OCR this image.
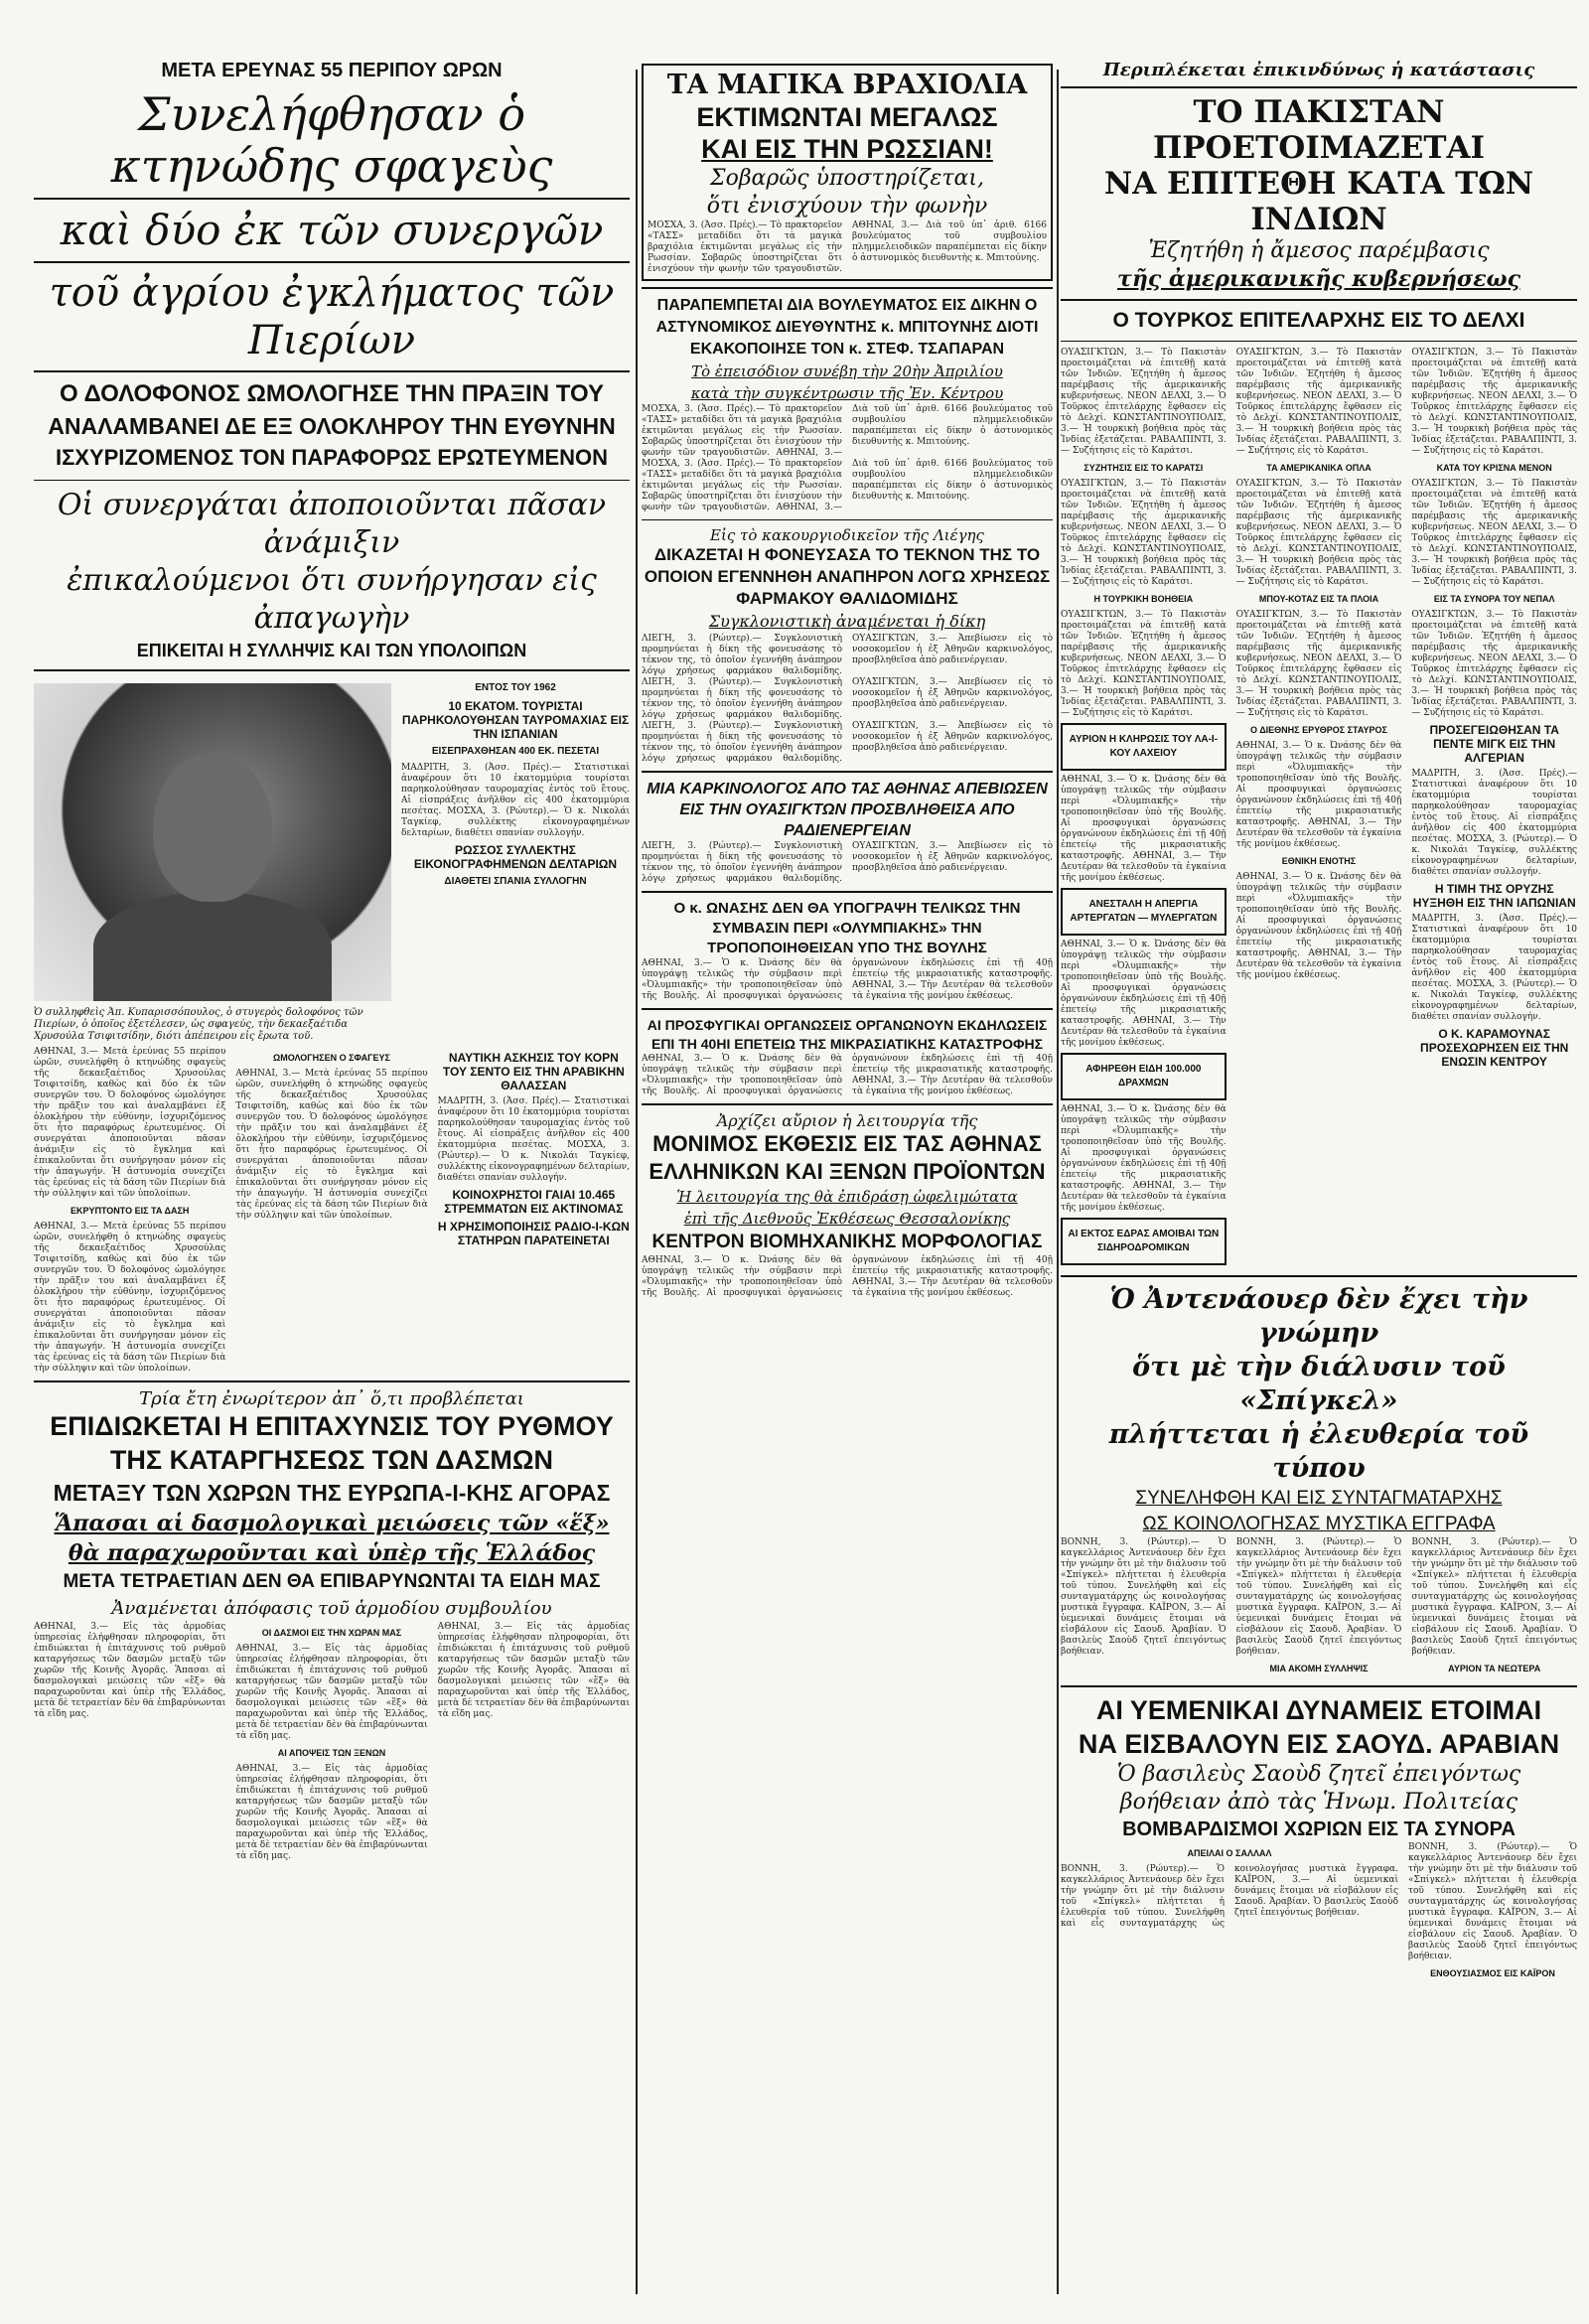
ΜΕΤΑ ΕΡΕΥΝΑΣ 55 ΠΕΡΙΠΟΥ ΩΡΩΝ
Συνελήφθησαν ὁ κτηνώδης σφαγεὺς
καὶ δύο ἐκ τῶν συνεργῶν
τοῦ ἀγρίου ἐγκλήματος τῶν Πιερίων
Ο ΔΟΛΟΦΟΝΟΣ ΩΜΟΛΟΓΗΣΕ ΤΗΝ ΠΡΑΞΙΝ ΤΟΥ
ΑΝΑΛΑΜΒΑΝΕΙ ΔΕ ΕΞ ΟΛΟΚΛΗΡΟΥ ΤΗΝ ΕΥΘΥΝΗΝ
ΙΣΧΥΡΙΖΟΜΕΝΟΣ ΤΟΝ ΠΑΡΑΦΟΡΩΣ ΕΡΩΤΕΥΜΕΝΟΝ
Οἱ συνεργάται ἀποποιοῦνται πᾶσαν ἀνάμιξιν
ἐπικαλούμενοι ὅτι συνήργησαν εἰς ἀπαγωγὴν
ΕΠΙΚΕΙΤΑΙ Η ΣΥΛΛΗΨΙΣ ΚΑΙ ΤΩΝ ΥΠΟΛΟΙΠΩΝ
ΕΝΤΟΣ ΤΟΥ 1962
10 ΕΚΑΤΟΜ. ΤΟΥΡΙΣΤΑΙ ΠΑΡΗΚΟΛΟΥΘΗΣΑΝ ΤΑΥΡΟΜΑΧΙΑΣ ΕΙΣ ΤΗΝ ΙΣΠΑΝΙΑΝ
ΕΙΣΕΠΡΑΧΘΗΣΑΝ 400 ΕΚ. ΠΕΣΕΤΑΙ
ΜΑΔΡΙΤΗ, 3. (Ἀσσ. Πρές).— Στατιστικαὶ ἀναφέρουν ὅτι 10 ἑκατομμύρια τουρίσται παρηκολούθησαν ταυρομαχίας ἐντὸς τοῦ ἔτους. Αἱ εἰσπράξεις ἀνῆλθον εἰς 400 ἑκατομμύρια πεσέτας. ΜΟΣΧΑ, 3. (Ρώυτερ).— Ὁ κ. Νικολάι Ταγκίεφ, συλλέκτης εἰκονογραφημένων δελταρίων, διαθέτει σπανίαν συλλογήν.
ΡΩΣΣΟΣ ΣΥΛΛΕΚΤΗΣ ΕΙΚΟΝΟΓΡΑΦΗΜΕΝΩΝ ΔΕΛΤΑΡΙΩΝ
ΔΙΑΘΕΤΕΙ ΣΠΑΝΙΑ ΣΥΛΛΟΓΗΝ
Ὁ συλληφθεὶς Ἀπ. Κυπαρισσόπουλος, ὁ στυγερὸς δολοφόνος τῶν Πιερίων, ὁ ὁποῖος ἐξετέλεσεν, ὡς σφαγεύς, τὴν δεκαεξαέτιδα Χρυσούλα Τσιφιτσίδην, διότι ἀπέπειρου εἰς ἔρωτα τοῦ.
ΑΘΗΝΑΙ, 3.— Μετὰ ἐρεύνας 55 περίπου ὡρῶν, συνελήφθη ὁ κτηνώδης σφαγεὺς τῆς δεκαεξαέτιδος Χρυσούλας Τσιφιτσίδη, καθὼς καὶ δύο ἐκ τῶν συνεργῶν του. Ὁ δολοφόνος ὡμολόγησε τὴν πρᾶξιν του καὶ ἀναλαμβάνει ἐξ ὁλοκλήρου τὴν εὐθύνην, ἰσχυριζόμενος ὅτι ἦτο παραφόρως ἐρωτευμένος. Οἱ συνεργάται ἀποποιοῦνται πᾶσαν ἀνάμιξιν εἰς τὸ ἔγκλημα καὶ ἐπικαλοῦνται ὅτι συνήργησαν μόνον εἰς τὴν ἀπαγωγήν. Ἡ ἀστυνομία συνεχίζει τὰς ἐρεύνας εἰς τὰ δάση τῶν Πιερίων διὰ τὴν σύλληψιν καὶ τῶν ὑπολοίπων.
ΕΚΡΥΠΤΟΝΤΟ ΕΙΣ ΤΑ ΔΑΣΗ
ΑΘΗΝΑΙ, 3.— Μετὰ ἐρεύνας 55 περίπου ὡρῶν, συνελήφθη ὁ κτηνώδης σφαγεὺς τῆς δεκαεξαέτιδος Χρυσούλας Τσιφιτσίδη, καθὼς καὶ δύο ἐκ τῶν συνεργῶν του. Ὁ δολοφόνος ὡμολόγησε τὴν πρᾶξιν του καὶ ἀναλαμβάνει ἐξ ὁλοκλήρου τὴν εὐθύνην, ἰσχυριζόμενος ὅτι ἦτο παραφόρως ἐρωτευμένος. Οἱ συνεργάται ἀποποιοῦνται πᾶσαν ἀνάμιξιν εἰς τὸ ἔγκλημα καὶ ἐπικαλοῦνται ὅτι συνήργησαν μόνον εἰς τὴν ἀπαγωγήν. Ἡ ἀστυνομία συνεχίζει τὰς ἐρεύνας εἰς τὰ δάση τῶν Πιερίων διὰ τὴν σύλληψιν καὶ τῶν ὑπολοίπων.
ΩΜΟΛΟΓΗΣΕΝ Ο ΣΦΑΓΕΥΣ
ΑΘΗΝΑΙ, 3.— Μετὰ ἐρεύνας 55 περίπου ὡρῶν, συνελήφθη ὁ κτηνώδης σφαγεὺς τῆς δεκαεξαέτιδος Χρυσούλας Τσιφιτσίδη, καθὼς καὶ δύο ἐκ τῶν συνεργῶν του. Ὁ δολοφόνος ὡμολόγησε τὴν πρᾶξιν του καὶ ἀναλαμβάνει ἐξ ὁλοκλήρου τὴν εὐθύνην, ἰσχυριζόμενος ὅτι ἦτο παραφόρως ἐρωτευμένος. Οἱ συνεργάται ἀποποιοῦνται πᾶσαν ἀνάμιξιν εἰς τὸ ἔγκλημα καὶ ἐπικαλοῦνται ὅτι συνήργησαν μόνον εἰς τὴν ἀπαγωγήν. Ἡ ἀστυνομία συνεχίζει τὰς ἐρεύνας εἰς τὰ δάση τῶν Πιερίων διὰ τὴν σύλληψιν καὶ τῶν ὑπολοίπων.
ΝΑΥΤΙΚΗ ΑΣΚΗΣΙΣ ΤΟΥ ΚΟΡΝ ΤΟΥ ΣΕΝΤΟ ΕΙΣ ΤΗΝ ΑΡΑΒΙΚΗΝ ΘΑΛΑΣΣΑΝ
ΜΑΔΡΙΤΗ, 3. (Ἀσσ. Πρές).— Στατιστικαὶ ἀναφέρουν ὅτι 10 ἑκατομμύρια τουρίσται παρηκολούθησαν ταυρομαχίας ἐντὸς τοῦ ἔτους. Αἱ εἰσπράξεις ἀνῆλθον εἰς 400 ἑκατομμύρια πεσέτας. ΜΟΣΧΑ, 3. (Ρώυτερ).— Ὁ κ. Νικολάι Ταγκίεφ, συλλέκτης εἰκονογραφημένων δελταρίων, διαθέτει σπανίαν συλλογήν.
ΚΟΙΝΟΧΡΗΣΤΟΙ ΓΑΙΑΙ 10.465 ΣΤΡΕΜΜΑΤΩΝ ΕΙΣ ΑΚΤΙΝΟΜΑΣ
Η ΧΡΗΣΙΜΟΠΟΙΗΣΙΣ ΡΑΔΙΟ-Ι-ΚΩΝ ΣΤΑΤΗΡΩΝ ΠΑΡΑΤΕΙΝΕΤΑΙ
Τρία ἔτη ἐνωρίτερον ἀπ᾿ ὅ,τι προβλέπεται
ΕΠΙΔΙΩΚΕΤΑΙ Η ΕΠΙΤΑΧΥΝΣΙΣ ΤΟΥ ΡΥΘΜΟΥ
ΤΗΣ ΚΑΤΑΡΓΗΣΕΩΣ ΤΩΝ ΔΑΣΜΩΝ
ΜΕΤΑΞΥ ΤΩΝ ΧΩΡΩΝ ΤΗΣ ΕΥΡΩΠΑ-Ι-ΚΗΣ ΑΓΟΡΑΣ
Ἅπασαι αἱ δασμολογικαὶ μειώσεις τῶν «ἕξ»
θὰ παραχωροῦνται καὶ ὑπὲρ τῆς Ἑλλάδος
ΜΕΤΑ ΤΕΤΡΑΕΤΙΑΝ ΔΕΝ ΘΑ ΕΠΙΒΑΡΥΝΩΝΤΑΙ ΤΑ ΕΙΔΗ ΜΑΣ
Ἀναμένεται ἀπόφασις τοῦ ἁρμοδίου συμβουλίου
ΑΘΗΝΑΙ, 3.— Εἰς τὰς ἁρμοδίας ὑπηρεσίας ἐλήφθησαν πληροφορίαι, ὅτι ἐπιδιώκεται ἡ ἐπιτάχυνσις τοῦ ρυθμοῦ καταργήσεως τῶν δασμῶν μεταξὺ τῶν χωρῶν τῆς Κοινῆς Ἀγορᾶς. Ἅπασαι αἱ δασμολογικαὶ μειώσεις τῶν «ἕξ» θὰ παραχωροῦνται καὶ ὑπὲρ τῆς Ἑλλάδος, μετὰ δὲ τετραετίαν δὲν θὰ ἐπιβαρύνωνται τὰ εἴδη μας.
ΟΙ ΔΑΣΜΟΙ ΕΙΣ ΤΗΝ ΧΩΡΑΝ ΜΑΣ
ΑΘΗΝΑΙ, 3.— Εἰς τὰς ἁρμοδίας ὑπηρεσίας ἐλήφθησαν πληροφορίαι, ὅτι ἐπιδιώκεται ἡ ἐπιτάχυνσις τοῦ ρυθμοῦ καταργήσεως τῶν δασμῶν μεταξὺ τῶν χωρῶν τῆς Κοινῆς Ἀγορᾶς. Ἅπασαι αἱ δασμολογικαὶ μειώσεις τῶν «ἕξ» θὰ παραχωροῦνται καὶ ὑπὲρ τῆς Ἑλλάδος, μετὰ δὲ τετραετίαν δὲν θὰ ἐπιβαρύνωνται τὰ εἴδη μας.
ΑΙ ΑΠΟΨΕΙΣ ΤΩΝ ΞΕΝΩΝ
ΑΘΗΝΑΙ, 3.— Εἰς τὰς ἁρμοδίας ὑπηρεσίας ἐλήφθησαν πληροφορίαι, ὅτι ἐπιδιώκεται ἡ ἐπιτάχυνσις τοῦ ρυθμοῦ καταργήσεως τῶν δασμῶν μεταξὺ τῶν χωρῶν τῆς Κοινῆς Ἀγορᾶς. Ἅπασαι αἱ δασμολογικαὶ μειώσεις τῶν «ἕξ» θὰ παραχωροῦνται καὶ ὑπὲρ τῆς Ἑλλάδος, μετὰ δὲ τετραετίαν δὲν θὰ ἐπιβαρύνωνται τὰ εἴδη μας.
ΑΘΗΝΑΙ, 3.— Εἰς τὰς ἁρμοδίας ὑπηρεσίας ἐλήφθησαν πληροφορίαι, ὅτι ἐπιδιώκεται ἡ ἐπιτάχυνσις τοῦ ρυθμοῦ καταργήσεως τῶν δασμῶν μεταξὺ τῶν χωρῶν τῆς Κοινῆς Ἀγορᾶς. Ἅπασαι αἱ δασμολογικαὶ μειώσεις τῶν «ἕξ» θὰ παραχωροῦνται καὶ ὑπὲρ τῆς Ἑλλάδος, μετὰ δὲ τετραετίαν δὲν θὰ ἐπιβαρύνωνται τὰ εἴδη μας.
ΤΑ ΜΑΓΙΚΑ ΒΡΑΧΙΟΛΙΑ
ΕΚΤΙΜΩΝΤΑΙ ΜΕΓΑΛΩΣ
ΚΑΙ ΕΙΣ ΤΗΝ ΡΩΣΣΙΑΝ!
Σοβαρῶς ὑποστηρίζεται,
ὅτι ἐνισχύουν τὴν φωνὴν
ΜΟΣΧΑ, 3. (Ἀσσ. Πρές).— Τὸ πρακτορεῖον «ΤΑΣΣ» μεταδίδει ὅτι τὰ μαγικὰ βραχιόλια ἐκτιμῶνται μεγάλως εἰς τὴν Ρωσσίαν. Σοβαρῶς ὑποστηρίζεται ὅτι ἐνισχύουν τὴν φωνὴν τῶν τραγουδιστῶν. ΑΘΗΝΑΙ, 3.— Διὰ τοῦ ὑπ᾿ ἀριθ. 6166 βουλεύματος τοῦ συμβουλίου πλημμελειοδικῶν παραπέμπεται εἰς δίκην ὁ ἀστυνομικὸς διευθυντὴς κ. Μπιτούνης.
ΠΑΡΑΠΕΜΠΕΤΑΙ ΔΙΑ ΒΟΥΛΕΥΜΑΤΟΣ ΕΙΣ ΔΙΚΗΝ Ο ΑΣΤΥΝΟΜΙΚΟΣ ΔΙΕΥΘΥΝΤΗΣ κ. ΜΠΙΤΟΥΝΗΣ ΔΙΟΤΙ ΕΚΑΚΟΠΟΙΗΣΕ ΤΟΝ κ. ΣΤΕΦ. ΤΣΑΠΑΡΑΝ
Τὸ ἐπεισόδιον συνέβη τὴν 20ὴν Ἀπριλίου
κατὰ τὴν συγκέντρωσιν τῆς Ἐν. Κέντρου
ΜΟΣΧΑ, 3. (Ἀσσ. Πρές).— Τὸ πρακτορεῖον «ΤΑΣΣ» μεταδίδει ὅτι τὰ μαγικὰ βραχιόλια ἐκτιμῶνται μεγάλως εἰς τὴν Ρωσσίαν. Σοβαρῶς ὑποστηρίζεται ὅτι ἐνισχύουν τὴν φωνὴν τῶν τραγουδιστῶν. ΑΘΗΝΑΙ, 3.— Διὰ τοῦ ὑπ᾿ ἀριθ. 6166 βουλεύματος τοῦ συμβουλίου πλημμελειοδικῶν παραπέμπεται εἰς δίκην ὁ ἀστυνομικὸς διευθυντὴς κ. Μπιτούνης.
ΜΟΣΧΑ, 3. (Ἀσσ. Πρές).— Τὸ πρακτορεῖον «ΤΑΣΣ» μεταδίδει ὅτι τὰ μαγικὰ βραχιόλια ἐκτιμῶνται μεγάλως εἰς τὴν Ρωσσίαν. Σοβαρῶς ὑποστηρίζεται ὅτι ἐνισχύουν τὴν φωνὴν τῶν τραγουδιστῶν. ΑΘΗΝΑΙ, 3.— Διὰ τοῦ ὑπ᾿ ἀριθ. 6166 βουλεύματος τοῦ συμβουλίου πλημμελειοδικῶν παραπέμπεται εἰς δίκην ὁ ἀστυνομικὸς διευθυντὴς κ. Μπιτούνης.
Εἰς τὸ κακουργιοδικεῖον τῆς Λιέγης
ΔΙΚΑΖΕΤΑΙ Η ΦΟΝΕΥΣΑΣΑ ΤΟ ΤΕΚΝΟΝ ΤΗΣ ΤΟ ΟΠΟΙΟΝ ΕΓΕΝΝΗΘΗ ΑΝΑΠΗΡΟΝ ΛΟΓΩ ΧΡΗΣΕΩΣ ΦΑΡΜΑΚΟΥ ΘΑΛΙΔΟΜΙΔΗΣ
Συγκλονιστικὴ ἀναμένεται ἡ δίκη
ΛΙΕΓΗ, 3. (Ρώυτερ).— Συγκλονιστικὴ προμηνύεται ἡ δίκη τῆς φονευσάσης τὸ τέκνον της, τὸ ὁποῖον ἐγεννήθη ἀνάπηρον λόγῳ χρήσεως φαρμάκου θαλιδομίδης. ΟΥΑΣΙΓΚΤΩΝ, 3.— Ἀπεβίωσεν εἰς τὸ νοσοκομεῖον ἡ ἐξ Ἀθηνῶν καρκινολόγος, προσβληθεῖσα ἀπὸ ραδιενέργειαν.
ΛΙΕΓΗ, 3. (Ρώυτερ).— Συγκλονιστικὴ προμηνύεται ἡ δίκη τῆς φονευσάσης τὸ τέκνον της, τὸ ὁποῖον ἐγεννήθη ἀνάπηρον λόγῳ χρήσεως φαρμάκου θαλιδομίδης. ΟΥΑΣΙΓΚΤΩΝ, 3.— Ἀπεβίωσεν εἰς τὸ νοσοκομεῖον ἡ ἐξ Ἀθηνῶν καρκινολόγος, προσβληθεῖσα ἀπὸ ραδιενέργειαν.
ΛΙΕΓΗ, 3. (Ρώυτερ).— Συγκλονιστικὴ προμηνύεται ἡ δίκη τῆς φονευσάσης τὸ τέκνον της, τὸ ὁποῖον ἐγεννήθη ἀνάπηρον λόγῳ χρήσεως φαρμάκου θαλιδομίδης. ΟΥΑΣΙΓΚΤΩΝ, 3.— Ἀπεβίωσεν εἰς τὸ νοσοκομεῖον ἡ ἐξ Ἀθηνῶν καρκινολόγος, προσβληθεῖσα ἀπὸ ραδιενέργειαν.
ΜΙΑ ΚΑΡΚΙΝΟΛΟΓΟΣ ΑΠΟ ΤΑΣ ΑΘΗΝΑΣ ΑΠΕΒΙΩΣΕΝ ΕΙΣ ΤΗΝ ΟΥΑΣΙΓΚΤΩΝ ΠΡΟΣΒΛΗΘΕΙΣΑ ΑΠΟ ΡΑΔΙΕΝΕΡΓΕΙΑΝ
ΛΙΕΓΗ, 3. (Ρώυτερ).— Συγκλονιστικὴ προμηνύεται ἡ δίκη τῆς φονευσάσης τὸ τέκνον της, τὸ ὁποῖον ἐγεννήθη ἀνάπηρον λόγῳ χρήσεως φαρμάκου θαλιδομίδης. ΟΥΑΣΙΓΚΤΩΝ, 3.— Ἀπεβίωσεν εἰς τὸ νοσοκομεῖον ἡ ἐξ Ἀθηνῶν καρκινολόγος, προσβληθεῖσα ἀπὸ ραδιενέργειαν.
Ο κ. ΩΝΑΣΗΣ ΔΕΝ ΘΑ ΥΠΟΓΡΑΨΗ ΤΕΛΙΚΩΣ ΤΗΝ ΣΥΜΒΑΣΙΝ ΠΕΡΙ «ΟΛΥΜΠΙΑΚΗΣ» ΤΗΝ ΤΡΟΠΟΠΟΙΗΘΕΙΣΑΝ ΥΠΟ ΤΗΣ ΒΟΥΛΗΣ
ΑΘΗΝΑΙ, 3.— Ὁ κ. Ὠνάσης δὲν θὰ ὑπογράψῃ τελικῶς τὴν σύμβασιν περὶ «Ὀλυμπιακῆς» τὴν τροποποιηθεῖσαν ὑπὸ τῆς Βουλῆς. Αἱ προσφυγικαὶ ὀργανώσεις ὀργανώνουν ἐκδηλώσεις ἐπὶ τῇ 40ῇ ἐπετείῳ τῆς μικρασιατικῆς καταστροφῆς. ΑΘΗΝΑΙ, 3.— Τὴν Δευτέραν θὰ τελεσθοῦν τὰ ἐγκαίνια τῆς μονίμου ἐκθέσεως.
ΑΙ ΠΡΟΣΦΥΓΙΚΑΙ ΟΡΓΑΝΩΣΕΙΣ ΟΡΓΑΝΩΝΟΥΝ ΕΚΔΗΛΩΣΕΙΣ ΕΠΙ ΤΗ 40ΗΙ ΕΠΕΤΕΙΩ ΤΗΣ ΜΙΚΡΑΣΙΑΤΙΚΗΣ ΚΑΤΑΣΤΡΟΦΗΣ
ΑΘΗΝΑΙ, 3.— Ὁ κ. Ὠνάσης δὲν θὰ ὑπογράψῃ τελικῶς τὴν σύμβασιν περὶ «Ὀλυμπιακῆς» τὴν τροποποιηθεῖσαν ὑπὸ τῆς Βουλῆς. Αἱ προσφυγικαὶ ὀργανώσεις ὀργανώνουν ἐκδηλώσεις ἐπὶ τῇ 40ῇ ἐπετείῳ τῆς μικρασιατικῆς καταστροφῆς. ΑΘΗΝΑΙ, 3.— Τὴν Δευτέραν θὰ τελεσθοῦν τὰ ἐγκαίνια τῆς μονίμου ἐκθέσεως.
Ἀρχίζει αὔριον ἡ λειτουργία τῆς
ΜΟΝΙΜΟΣ ΕΚΘΕΣΙΣ ΕΙΣ ΤΑΣ ΑΘΗΝΑΣ
ΕΛΛΗΝΙΚΩΝ ΚΑΙ ΞΕΝΩΝ ΠΡΟΪΟΝΤΩΝ
Ἡ λειτουργία της θὰ ἐπιδράσῃ ὠφελιμώτατα
ἐπὶ τῆς Διεθνοῦς Ἐκθέσεως Θεσσαλονίκης
ΚΕΝΤΡΟΝ ΒΙΟΜΗΧΑΝΙΚΗΣ ΜΟΡΦΟΛΟΓΙΑΣ
ΑΘΗΝΑΙ, 3.— Ὁ κ. Ὠνάσης δὲν θὰ ὑπογράψῃ τελικῶς τὴν σύμβασιν περὶ «Ὀλυμπιακῆς» τὴν τροποποιηθεῖσαν ὑπὸ τῆς Βουλῆς. Αἱ προσφυγικαὶ ὀργανώσεις ὀργανώνουν ἐκδηλώσεις ἐπὶ τῇ 40ῇ ἐπετείῳ τῆς μικρασιατικῆς καταστροφῆς. ΑΘΗΝΑΙ, 3.— Τὴν Δευτέραν θὰ τελεσθοῦν τὰ ἐγκαίνια τῆς μονίμου ἐκθέσεως.
Περιπλέκεται ἐπικινδύνως ἡ κατάστασις
ΤΟ ΠΑΚΙΣΤΑΝ ΠΡΟΕΤΟΙΜΑΖΕΤΑΙ
ΝΑ ΕΠΙΤΕΘΗ ΚΑΤΑ ΤΩΝ ΙΝΔΙΩΝ
Ἐζητήθη ἡ ἄμεσος παρέμβασις
τῆς ἀμερικανικῆς κυβερνήσεως
Ο ΤΟΥΡΚΟΣ ΕΠΙΤΕΛΑΡΧΗΣ ΕΙΣ ΤΟ ΔΕΛΧΙ
ΟΥΑΣΙΓΚΤΩΝ, 3.— Τὸ Πακιστὰν προετοιμάζεται νὰ ἐπιτεθῇ κατὰ τῶν Ἰνδιῶν. Ἐζητήθη ἡ ἄμεσος παρέμβασις τῆς ἀμερικανικῆς κυβερνήσεως. ΝΕΟΝ ΔΕΛΧΙ, 3.— Ὁ Τοῦρκος ἐπιτελάρχης ἔφθασεν εἰς τὸ Δελχί. ΚΩΝΣΤΑΝΤΙΝΟΥΠΟΛΙΣ, 3.— Ἡ τουρκικὴ βοήθεια πρὸς τὰς Ἰνδίας ἐξετάζεται. ΡΑΒΑΛΠΙΝΤΙ, 3.— Συζήτησις εἰς τὸ Καράτσι.
ΣΥΖΗΤΗΣΙΣ ΕΙΣ ΤΟ ΚΑΡΑΤΣΙ
ΟΥΑΣΙΓΚΤΩΝ, 3.— Τὸ Πακιστὰν προετοιμάζεται νὰ ἐπιτεθῇ κατὰ τῶν Ἰνδιῶν. Ἐζητήθη ἡ ἄμεσος παρέμβασις τῆς ἀμερικανικῆς κυβερνήσεως. ΝΕΟΝ ΔΕΛΧΙ, 3.— Ὁ Τοῦρκος ἐπιτελάρχης ἔφθασεν εἰς τὸ Δελχί. ΚΩΝΣΤΑΝΤΙΝΟΥΠΟΛΙΣ, 3.— Ἡ τουρκικὴ βοήθεια πρὸς τὰς Ἰνδίας ἐξετάζεται. ΡΑΒΑΛΠΙΝΤΙ, 3.— Συζήτησις εἰς τὸ Καράτσι.
Η ΤΟΥΡΚΙΚΗ ΒΟΗΘΕΙΑ
ΟΥΑΣΙΓΚΤΩΝ, 3.— Τὸ Πακιστὰν προετοιμάζεται νὰ ἐπιτεθῇ κατὰ τῶν Ἰνδιῶν. Ἐζητήθη ἡ ἄμεσος παρέμβασις τῆς ἀμερικανικῆς κυβερνήσεως. ΝΕΟΝ ΔΕΛΧΙ, 3.— Ὁ Τοῦρκος ἐπιτελάρχης ἔφθασεν εἰς τὸ Δελχί. ΚΩΝΣΤΑΝΤΙΝΟΥΠΟΛΙΣ, 3.— Ἡ τουρκικὴ βοήθεια πρὸς τὰς Ἰνδίας ἐξετάζεται. ΡΑΒΑΛΠΙΝΤΙ, 3.— Συζήτησις εἰς τὸ Καράτσι.
ΑΥΡΙΟΝ Η ΚΛΗΡΩΣΙΣ ΤΟΥ ΛΑ-Ι-ΚΟΥ ΛΑΧΕΙΟΥ
ΑΘΗΝΑΙ, 3.— Ὁ κ. Ὠνάσης δὲν θὰ ὑπογράψῃ τελικῶς τὴν σύμβασιν περὶ «Ὀλυμπιακῆς» τὴν τροποποιηθεῖσαν ὑπὸ τῆς Βουλῆς. Αἱ προσφυγικαὶ ὀργανώσεις ὀργανώνουν ἐκδηλώσεις ἐπὶ τῇ 40ῇ ἐπετείῳ τῆς μικρασιατικῆς καταστροφῆς. ΑΘΗΝΑΙ, 3.— Τὴν Δευτέραν θὰ τελεσθοῦν τὰ ἐγκαίνια τῆς μονίμου ἐκθέσεως.
ΑΝΕΣΤΑΛΗ Η ΑΠΕΡΓΙΑ ΑΡΤΕΡΓΑΤΩΝ — ΜΥΛΕΡΓΑΤΩΝ
ΑΘΗΝΑΙ, 3.— Ὁ κ. Ὠνάσης δὲν θὰ ὑπογράψῃ τελικῶς τὴν σύμβασιν περὶ «Ὀλυμπιακῆς» τὴν τροποποιηθεῖσαν ὑπὸ τῆς Βουλῆς. Αἱ προσφυγικαὶ ὀργανώσεις ὀργανώνουν ἐκδηλώσεις ἐπὶ τῇ 40ῇ ἐπετείῳ τῆς μικρασιατικῆς καταστροφῆς. ΑΘΗΝΑΙ, 3.— Τὴν Δευτέραν θὰ τελεσθοῦν τὰ ἐγκαίνια τῆς μονίμου ἐκθέσεως.
ΑΦΗΡΕΘΗ ΕΙΔΗ 100.000 ΔΡΑΧΜΩΝ
ΑΘΗΝΑΙ, 3.— Ὁ κ. Ὠνάσης δὲν θὰ ὑπογράψῃ τελικῶς τὴν σύμβασιν περὶ «Ὀλυμπιακῆς» τὴν τροποποιηθεῖσαν ὑπὸ τῆς Βουλῆς. Αἱ προσφυγικαὶ ὀργανώσεις ὀργανώνουν ἐκδηλώσεις ἐπὶ τῇ 40ῇ ἐπετείῳ τῆς μικρασιατικῆς καταστροφῆς. ΑΘΗΝΑΙ, 3.— Τὴν Δευτέραν θὰ τελεσθοῦν τὰ ἐγκαίνια τῆς μονίμου ἐκθέσεως.
ΑΙ ΕΚΤΟΣ ΕΔΡΑΣ ΑΜΟΙΒΑΙ ΤΩΝ ΣΙΔΗΡΟΔΡΟΜΙΚΩΝ
ΟΥΑΣΙΓΚΤΩΝ, 3.— Τὸ Πακιστὰν προετοιμάζεται νὰ ἐπιτεθῇ κατὰ τῶν Ἰνδιῶν. Ἐζητήθη ἡ ἄμεσος παρέμβασις τῆς ἀμερικανικῆς κυβερνήσεως. ΝΕΟΝ ΔΕΛΧΙ, 3.— Ὁ Τοῦρκος ἐπιτελάρχης ἔφθασεν εἰς τὸ Δελχί. ΚΩΝΣΤΑΝΤΙΝΟΥΠΟΛΙΣ, 3.— Ἡ τουρκικὴ βοήθεια πρὸς τὰς Ἰνδίας ἐξετάζεται. ΡΑΒΑΛΠΙΝΤΙ, 3.— Συζήτησις εἰς τὸ Καράτσι.
ΤΑ ΑΜΕΡΙΚΑΝΙΚΑ ΟΠΛΑ
ΟΥΑΣΙΓΚΤΩΝ, 3.— Τὸ Πακιστὰν προετοιμάζεται νὰ ἐπιτεθῇ κατὰ τῶν Ἰνδιῶν. Ἐζητήθη ἡ ἄμεσος παρέμβασις τῆς ἀμερικανικῆς κυβερνήσεως. ΝΕΟΝ ΔΕΛΧΙ, 3.— Ὁ Τοῦρκος ἐπιτελάρχης ἔφθασεν εἰς τὸ Δελχί. ΚΩΝΣΤΑΝΤΙΝΟΥΠΟΛΙΣ, 3.— Ἡ τουρκικὴ βοήθεια πρὸς τὰς Ἰνδίας ἐξετάζεται. ΡΑΒΑΛΠΙΝΤΙ, 3.— Συζήτησις εἰς τὸ Καράτσι.
ΜΠΟΥ-ΚΟΤΑΖ ΕΙΣ ΤΑ ΠΛΟΙΑ
ΟΥΑΣΙΓΚΤΩΝ, 3.— Τὸ Πακιστὰν προετοιμάζεται νὰ ἐπιτεθῇ κατὰ τῶν Ἰνδιῶν. Ἐζητήθη ἡ ἄμεσος παρέμβασις τῆς ἀμερικανικῆς κυβερνήσεως. ΝΕΟΝ ΔΕΛΧΙ, 3.— Ὁ Τοῦρκος ἐπιτελάρχης ἔφθασεν εἰς τὸ Δελχί. ΚΩΝΣΤΑΝΤΙΝΟΥΠΟΛΙΣ, 3.— Ἡ τουρκικὴ βοήθεια πρὸς τὰς Ἰνδίας ἐξετάζεται. ΡΑΒΑΛΠΙΝΤΙ, 3.— Συζήτησις εἰς τὸ Καράτσι.
Ο ΔΙΕΘΝΗΣ ΕΡΥΘΡΟΣ ΣΤΑΥΡΟΣ
ΑΘΗΝΑΙ, 3.— Ὁ κ. Ὠνάσης δὲν θὰ ὑπογράψῃ τελικῶς τὴν σύμβασιν περὶ «Ὀλυμπιακῆς» τὴν τροποποιηθεῖσαν ὑπὸ τῆς Βουλῆς. Αἱ προσφυγικαὶ ὀργανώσεις ὀργανώνουν ἐκδηλώσεις ἐπὶ τῇ 40ῇ ἐπετείῳ τῆς μικρασιατικῆς καταστροφῆς. ΑΘΗΝΑΙ, 3.— Τὴν Δευτέραν θὰ τελεσθοῦν τὰ ἐγκαίνια τῆς μονίμου ἐκθέσεως.
ΕΘΝΙΚΗ ΕΝΟΤΗΣ
ΑΘΗΝΑΙ, 3.— Ὁ κ. Ὠνάσης δὲν θὰ ὑπογράψῃ τελικῶς τὴν σύμβασιν περὶ «Ὀλυμπιακῆς» τὴν τροποποιηθεῖσαν ὑπὸ τῆς Βουλῆς. Αἱ προσφυγικαὶ ὀργανώσεις ὀργανώνουν ἐκδηλώσεις ἐπὶ τῇ 40ῇ ἐπετείῳ τῆς μικρασιατικῆς καταστροφῆς. ΑΘΗΝΑΙ, 3.— Τὴν Δευτέραν θὰ τελεσθοῦν τὰ ἐγκαίνια τῆς μονίμου ἐκθέσεως.
ΟΥΑΣΙΓΚΤΩΝ, 3.— Τὸ Πακιστὰν προετοιμάζεται νὰ ἐπιτεθῇ κατὰ τῶν Ἰνδιῶν. Ἐζητήθη ἡ ἄμεσος παρέμβασις τῆς ἀμερικανικῆς κυβερνήσεως. ΝΕΟΝ ΔΕΛΧΙ, 3.— Ὁ Τοῦρκος ἐπιτελάρχης ἔφθασεν εἰς τὸ Δελχί. ΚΩΝΣΤΑΝΤΙΝΟΥΠΟΛΙΣ, 3.— Ἡ τουρκικὴ βοήθεια πρὸς τὰς Ἰνδίας ἐξετάζεται. ΡΑΒΑΛΠΙΝΤΙ, 3.— Συζήτησις εἰς τὸ Καράτσι.
ΚΑΤΑ ΤΟΥ ΚΡΙΣΝΑ ΜΕΝΟΝ
ΟΥΑΣΙΓΚΤΩΝ, 3.— Τὸ Πακιστὰν προετοιμάζεται νὰ ἐπιτεθῇ κατὰ τῶν Ἰνδιῶν. Ἐζητήθη ἡ ἄμεσος παρέμβασις τῆς ἀμερικανικῆς κυβερνήσεως. ΝΕΟΝ ΔΕΛΧΙ, 3.— Ὁ Τοῦρκος ἐπιτελάρχης ἔφθασεν εἰς τὸ Δελχί. ΚΩΝΣΤΑΝΤΙΝΟΥΠΟΛΙΣ, 3.— Ἡ τουρκικὴ βοήθεια πρὸς τὰς Ἰνδίας ἐξετάζεται. ΡΑΒΑΛΠΙΝΤΙ, 3.— Συζήτησις εἰς τὸ Καράτσι.
ΕΙΣ ΤΑ ΣΥΝΟΡΑ ΤΟΥ ΝΕΠΑΛ
ΟΥΑΣΙΓΚΤΩΝ, 3.— Τὸ Πακιστὰν προετοιμάζεται νὰ ἐπιτεθῇ κατὰ τῶν Ἰνδιῶν. Ἐζητήθη ἡ ἄμεσος παρέμβασις τῆς ἀμερικανικῆς κυβερνήσεως. ΝΕΟΝ ΔΕΛΧΙ, 3.— Ὁ Τοῦρκος ἐπιτελάρχης ἔφθασεν εἰς τὸ Δελχί. ΚΩΝΣΤΑΝΤΙΝΟΥΠΟΛΙΣ, 3.— Ἡ τουρκικὴ βοήθεια πρὸς τὰς Ἰνδίας ἐξετάζεται. ΡΑΒΑΛΠΙΝΤΙ, 3.— Συζήτησις εἰς τὸ Καράτσι.
ΠΡΟΣΕΓΕΙΩΘΗΣΑΝ ΤΑ ΠΕΝΤΕ ΜΙΓΚ ΕΙΣ ΤΗΝ ΑΛΓΕΡΙΑΝ
ΜΑΔΡΙΤΗ, 3. (Ἀσσ. Πρές).— Στατιστικαὶ ἀναφέρουν ὅτι 10 ἑκατομμύρια τουρίσται παρηκολούθησαν ταυρομαχίας ἐντὸς τοῦ ἔτους. Αἱ εἰσπράξεις ἀνῆλθον εἰς 400 ἑκατομμύρια πεσέτας. ΜΟΣΧΑ, 3. (Ρώυτερ).— Ὁ κ. Νικολάι Ταγκίεφ, συλλέκτης εἰκονογραφημένων δελταρίων, διαθέτει σπανίαν συλλογήν.
Η ΤΙΜΗ ΤΗΣ ΟΡΥΖΗΣ ΗΥΞΗΘΗ ΕΙΣ ΤΗΝ ΙΑΠΩΝΙΑΝ
ΜΑΔΡΙΤΗ, 3. (Ἀσσ. Πρές).— Στατιστικαὶ ἀναφέρουν ὅτι 10 ἑκατομμύρια τουρίσται παρηκολούθησαν ταυρομαχίας ἐντὸς τοῦ ἔτους. Αἱ εἰσπράξεις ἀνῆλθον εἰς 400 ἑκατομμύρια πεσέτας. ΜΟΣΧΑ, 3. (Ρώυτερ).— Ὁ κ. Νικολάι Ταγκίεφ, συλλέκτης εἰκονογραφημένων δελταρίων, διαθέτει σπανίαν συλλογήν.
Ο Κ. ΚΑΡΑΜΟΥΝΑΣ ΠΡΟΣΕΧΩΡΗΣΕΝ ΕΙΣ ΤΗΝ ΕΝΩΣΙΝ ΚΕΝΤΡΟΥ
Ὁ Ἀντενάουερ δὲν ἔχει τὴν γνώμην
ὅτι μὲ τὴν διάλυσιν τοῦ «Σπίγκελ»
πλήττεται ἡ ἐλευθερία τοῦ τύπου
ΣΥΝΕΛΗΦΘΗ ΚΑΙ ΕΙΣ ΣΥΝΤΑΓΜΑΤΑΡΧΗΣ
ΩΣ ΚΟΙΝΟΛΟΓΗΣΑΣ ΜΥΣΤΙΚΑ ΕΓΓΡΑΦΑ
ΒΟΝΝΗ, 3. (Ρώυτερ).— Ὁ καγκελλάριος Ἀντενάουερ δὲν ἔχει τὴν γνώμην ὅτι μὲ τὴν διάλυσιν τοῦ «Σπίγκελ» πλήττεται ἡ ἐλευθερία τοῦ τύπου. Συνελήφθη καὶ εἷς συνταγματάρχης ὡς κοινολογήσας μυστικὰ ἔγγραφα. ΚΑΪΡΟΝ, 3.— Αἱ ὑεμενικαὶ δυνάμεις ἕτοιμαι νὰ εἰσβάλουν εἰς Σαουδ. Ἀραβίαν. Ὁ βασιλεὺς Σαοὺδ ζητεῖ ἐπειγόντως βοήθειαν.
ΒΟΝΝΗ, 3. (Ρώυτερ).— Ὁ καγκελλάριος Ἀντενάουερ δὲν ἔχει τὴν γνώμην ὅτι μὲ τὴν διάλυσιν τοῦ «Σπίγκελ» πλήττεται ἡ ἐλευθερία τοῦ τύπου. Συνελήφθη καὶ εἷς συνταγματάρχης ὡς κοινολογήσας μυστικὰ ἔγγραφα. ΚΑΪΡΟΝ, 3.— Αἱ ὑεμενικαὶ δυνάμεις ἕτοιμαι νὰ εἰσβάλουν εἰς Σαουδ. Ἀραβίαν. Ὁ βασιλεὺς Σαοὺδ ζητεῖ ἐπειγόντως βοήθειαν.
ΜΙΑ ΑΚΟΜΗ ΣΥΛΛΗΨΙΣ
ΒΟΝΝΗ, 3. (Ρώυτερ).— Ὁ καγκελλάριος Ἀντενάουερ δὲν ἔχει τὴν γνώμην ὅτι μὲ τὴν διάλυσιν τοῦ «Σπίγκελ» πλήττεται ἡ ἐλευθερία τοῦ τύπου. Συνελήφθη καὶ εἷς συνταγματάρχης ὡς κοινολογήσας μυστικὰ ἔγγραφα. ΚΑΪΡΟΝ, 3.— Αἱ ὑεμενικαὶ δυνάμεις ἕτοιμαι νὰ εἰσβάλουν εἰς Σαουδ. Ἀραβίαν. Ὁ βασιλεὺς Σαοὺδ ζητεῖ ἐπειγόντως βοήθειαν.
ΑΥΡΙΟΝ ΤΑ ΝΕΩΤΕΡΑ
ΑΙ ΥΕΜΕΝΙΚΑΙ ΔΥΝΑΜΕΙΣ ΕΤΟΙΜΑΙ
ΝΑ ΕΙΣΒΑΛΟΥΝ ΕΙΣ ΣΑΟΥΔ. ΑΡΑΒΙΑΝ
Ὁ βασιλεὺς Σαοὺδ ζητεῖ ἐπειγόντως
βοήθειαν ἀπὸ τὰς Ἡνωμ. Πολιτείας
ΒΟΜΒΑΡΔΙΣΜΟΙ ΧΩΡΙΩΝ ΕΙΣ ΤΑ ΣΥΝΟΡΑ
ΑΠΕΙΛΑΙ Ο ΣΑΛΛΑΛ
ΒΟΝΝΗ, 3. (Ρώυτερ).— Ὁ καγκελλάριος Ἀντενάουερ δὲν ἔχει τὴν γνώμην ὅτι μὲ τὴν διάλυσιν τοῦ «Σπίγκελ» πλήττεται ἡ ἐλευθερία τοῦ τύπου. Συνελήφθη καὶ εἷς συνταγματάρχης ὡς κοινολογήσας μυστικὰ ἔγγραφα. ΚΑΪΡΟΝ, 3.— Αἱ ὑεμενικαὶ δυνάμεις ἕτοιμαι νὰ εἰσβάλουν εἰς Σαουδ. Ἀραβίαν. Ὁ βασιλεὺς Σαοὺδ ζητεῖ ἐπειγόντως βοήθειαν.
ΒΟΝΝΗ, 3. (Ρώυτερ).— Ὁ καγκελλάριος Ἀντενάουερ δὲν ἔχει τὴν γνώμην ὅτι μὲ τὴν διάλυσιν τοῦ «Σπίγκελ» πλήττεται ἡ ἐλευθερία τοῦ τύπου. Συνελήφθη καὶ εἷς συνταγματάρχης ὡς κοινολογήσας μυστικὰ ἔγγραφα. ΚΑΪΡΟΝ, 3.— Αἱ ὑεμενικαὶ δυνάμεις ἕτοιμαι νὰ εἰσβάλουν εἰς Σαουδ. Ἀραβίαν. Ὁ βασιλεὺς Σαοὺδ ζητεῖ ἐπειγόντως βοήθειαν.
ΕΝΘΟΥΣΙΑΣΜΟΣ ΕΙΣ ΚΑΪΡΟΝ
